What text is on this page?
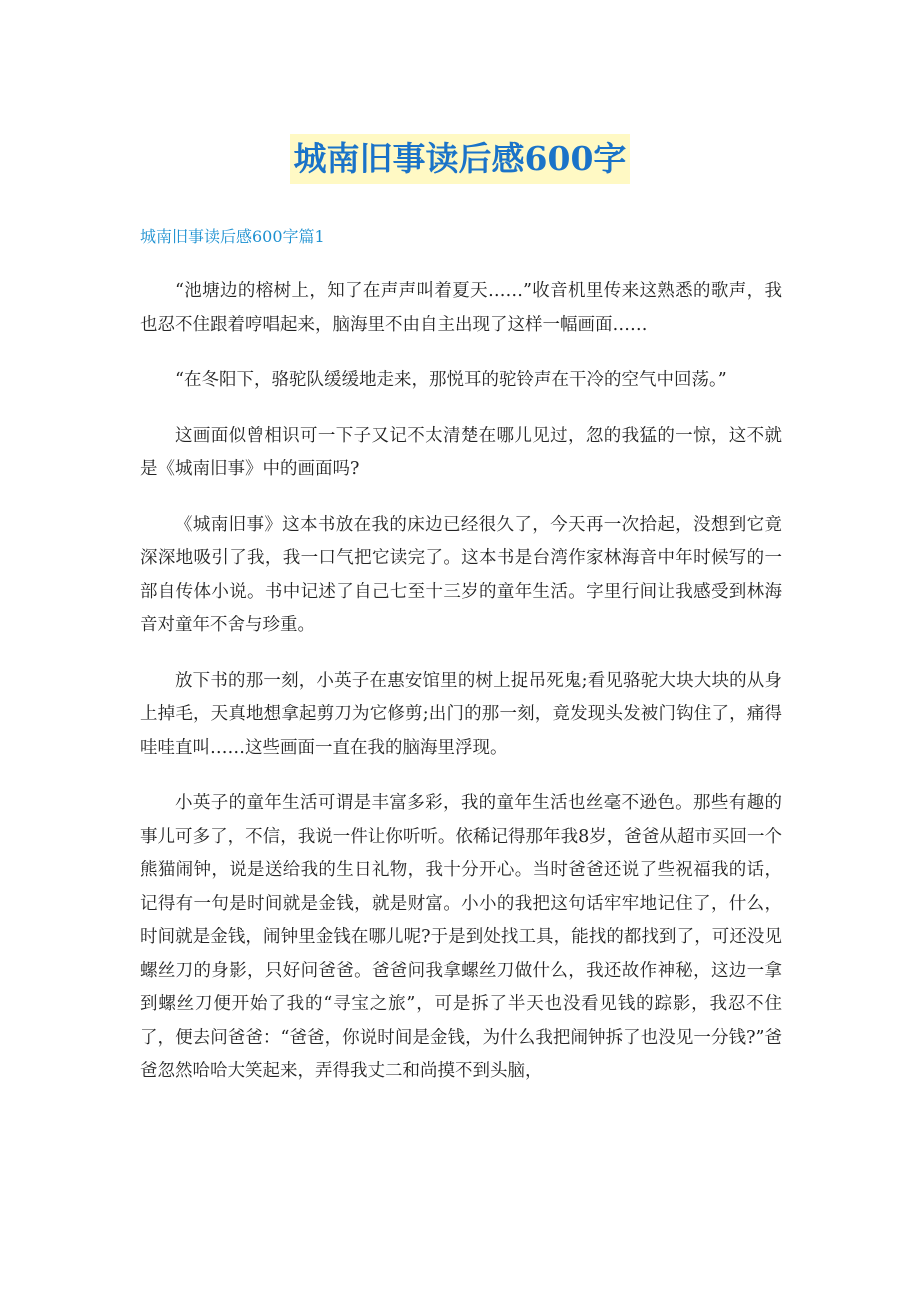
城南旧事读后感600字
城南旧事读后感600字篇1

“池塘边的榕树上，知了在声声叫着夏天……”收音机里传来这熟悉的歌声，我也忍不住跟着哼唱起来，脑海里不由自主出现了这样一幅画面……

“在冬阳下，骆驼队缓缓地走来，那悦耳的驼铃声在干冷的空气中回荡。”

这画面似曾相识可一下子又记不太清楚在哪儿见过，忽的我猛的一惊，这不就是《城南旧事》中的画面吗?

《城南旧事》这本书放在我的床边已经很久了，今天再一次拾起，没想到它竟深深地吸引了我，我一口气把它读完了。这本书是台湾作家林海音中年时候写的一部自传体小说。书中记述了自己七至十三岁的童年生活。字里行间让我感受到林海音对童年不舍与珍重。

放下书的那一刻，小英子在惠安馆里的树上捉吊死鬼;看见骆驼大块大块的从身上掉毛，天真地想拿起剪刀为它修剪;出门的那一刻，竟发现头发被门钩住了，痛得哇哇直叫……这些画面一直在我的脑海里浮现。

小英子的童年生活可谓是丰富多彩，我的童年生活也丝毫不逊色。那些有趣的事儿可多了，不信，我说一件让你听听。依稀记得那年我8岁，爸爸从超市买回一个熊猫闹钟，说是送给我的生日礼物，我十分开心。当时爸爸还说了些祝福我的话，记得有一句是时间就是金钱，就是财富。小小的我把这句话牢牢地记住了，什么，时间就是金钱，闹钟里金钱在哪儿呢?于是到处找工具，能找的都找到了，可还没见螺丝刀的身影，只好问爸爸。爸爸问我拿螺丝刀做什么，我还故作神秘，这边一拿到螺丝刀便开始了我的“寻宝之旅”，可是拆了半天也没看见钱的踪影，我忍不住了，便去问爸爸：“爸爸，你说时间是金钱，为什么我把闹钟拆了也没见一分钱?”爸爸忽然哈哈大笑起来，弄得我丈二和尚摸不到头脑，
